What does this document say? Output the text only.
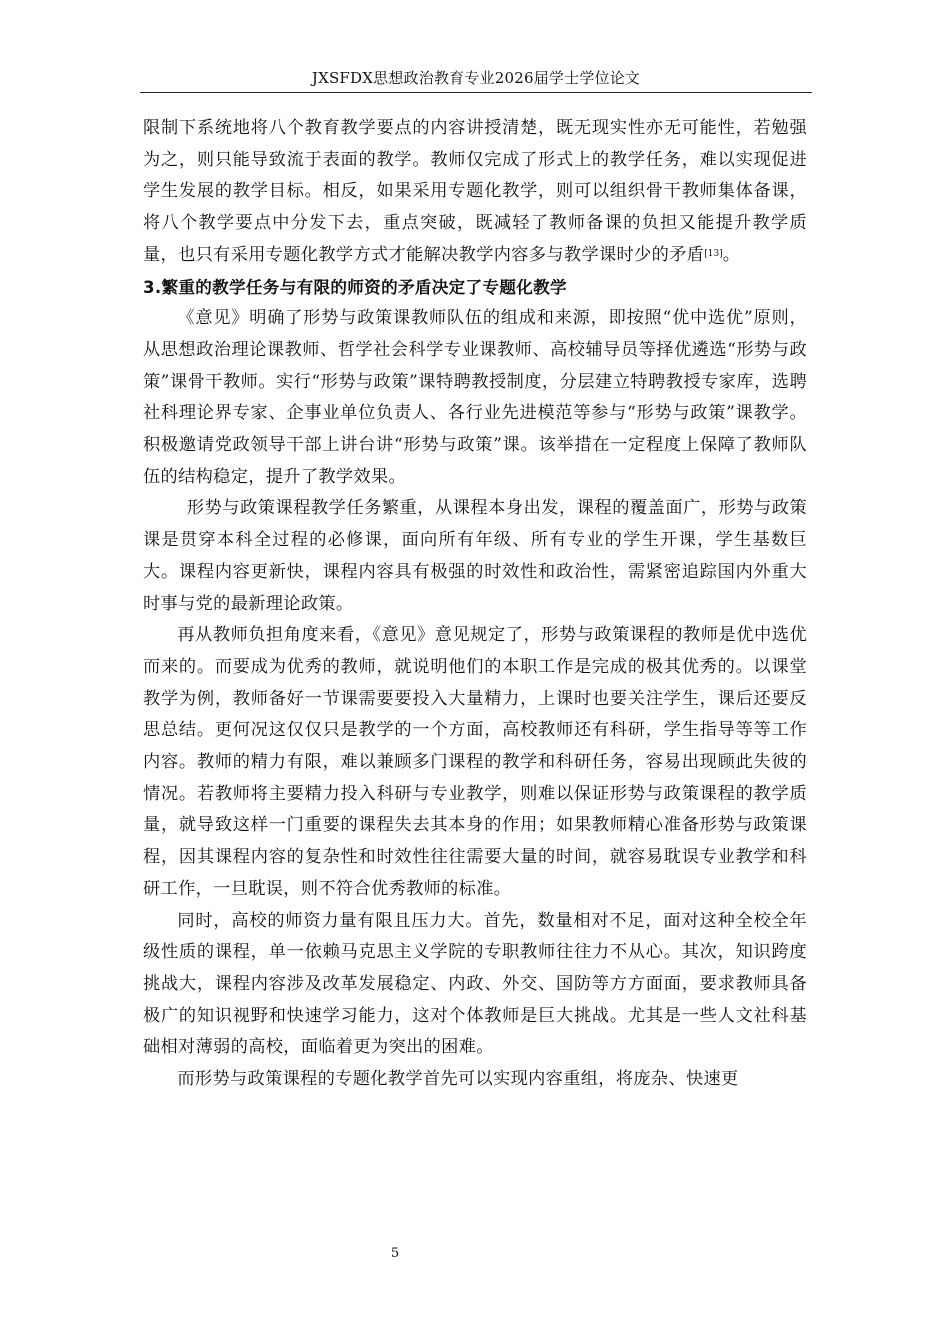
JXSFDX思想政治教育专业2026届学士学位论文

限制下系统地将八个教育教学要点的内容讲授清楚，既无现实性亦无可能性，若勉强为之，则只能导致流于表面的教学。教师仅完成了形式上的教学任务，难以实现促进学生发展的教学目标。相反，如果采用专题化教学，则可以组织骨干教师集体备课，将八个教学要点中分发下去，重点突破，既减轻了教师备课的负担又能提升教学质量，也只有采用专题化教学方式才能解决教学内容多与教学课时少的矛盾[13]。

3.繁重的教学任务与有限的师资的矛盾决定了专题化教学

《意见》明确了形势与政策课教师队伍的组成和来源，即按照“优中选优”原则，从思想政治理论课教师、哲学社会科学专业课教师、高校辅导员等择优遴选“形势与政策”课骨干教师。实行“形势与政策”课特聘教授制度，分层建立特聘教授专家库，选聘社科理论界专家、企事业单位负责人、各行业先进模范等参与“形势与政策”课教学。积极邀请党政领导干部上讲台讲“形势与政策”课。该举措在一定程度上保障了教师队伍的结构稳定，提升了教学效果。

形势与政策课程教学任务繁重，从课程本身出发，课程的覆盖面广，形势与政策课是贯穿本科全过程的必修课，面向所有年级、所有专业的学生开课，学生基数巨大。课程内容更新快，课程内容具有极强的时效性和政治性，需紧密追踪国内外重大时事与党的最新理论政策。

再从教师负担角度来看，《意见》意见规定了，形势与政策课程的教师是优中选优而来的。而要成为优秀的教师，就说明他们的本职工作是完成的极其优秀的。以课堂教学为例，教师备好一节课需要要投入大量精力，上课时也要关注学生，课后还要反思总结。更何况这仅仅只是教学的一个方面，高校教师还有科研，学生指导等等工作内容。教师的精力有限，难以兼顾多门课程的教学和科研任务，容易出现顾此失彼的情况。若教师将主要精力投入科研与专业教学，则难以保证形势与政策课程的教学质量，就导致这样一门重要的课程失去其本身的作用；如果教师精心准备形势与政策课程，因其课程内容的复杂性和时效性往往需要大量的时间，就容易耽误专业教学和科研工作，一旦耽误，则不符合优秀教师的标准。

同时，高校的师资力量有限且压力大。首先，数量相对不足，面对这种全校全年级性质的课程，单一依赖马克思主义学院的专职教师往往力不从心。其次，知识跨度挑战大，课程内容涉及改革发展稳定、内政、外交、国防等方方面面，要求教师具备极广的知识视野和快速学习能力，这对个体教师是巨大挑战。尤其是一些人文社科基础相对薄弱的高校，面临着更为突出的困难。

而形势与政策课程的专题化教学首先可以实现内容重组，将庞杂、快速更

5
